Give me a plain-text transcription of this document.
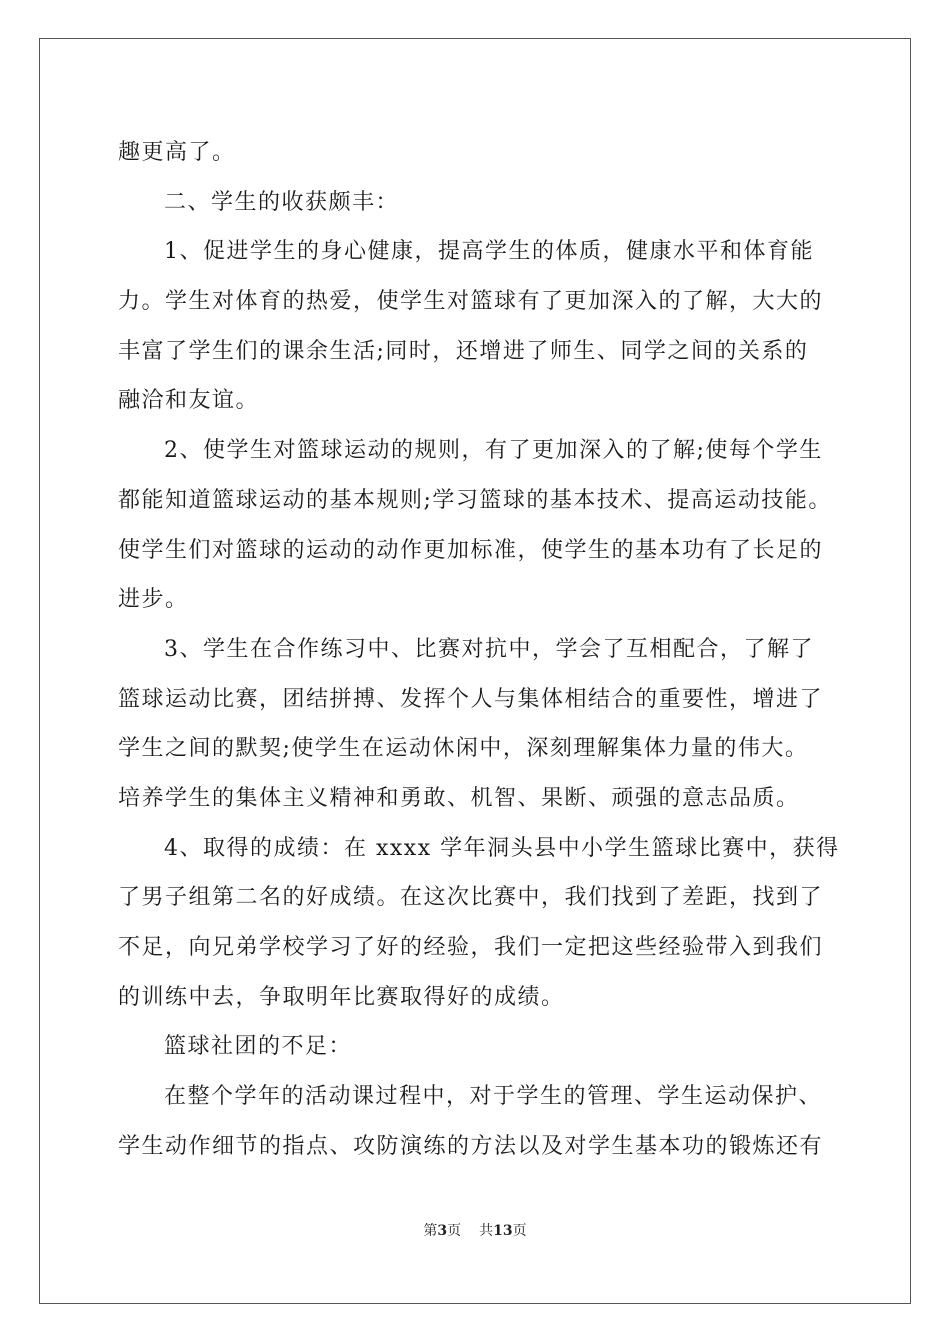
趣更高了。
二、学生的收获颇丰：
1、促进学生的身心健康，提高学生的体质，健康水平和体育能
力。学生对体育的热爱，使学生对篮球有了更加深入的了解，大大的
丰富了学生们的课余生活;同时，还增进了师生、同学之间的关系的
融洽和友谊。
2、使学生对篮球运动的规则，有了更加深入的了解;使每个学生
都能知道篮球运动的基本规则;学习篮球的基本技术、提高运动技能。
使学生们对篮球的运动的动作更加标准，使学生的基本功有了长足的
进步。
3、学生在合作练习中、比赛对抗中，学会了互相配合，了解了
篮球运动比赛，团结拼搏、发挥个人与集体相结合的重要性，增进了
学生之间的默契;使学生在运动休闲中，深刻理解集体力量的伟大。
培养学生的集体主义精神和勇敢、机智、果断、顽强的意志品质。
4、取得的成绩：在 xxxx 学年洞头县中小学生篮球比赛中，获得
了男子组第二名的好成绩。在这次比赛中，我们找到了差距，找到了
不足，向兄弟学校学习了好的经验，我们一定把这些经验带入到我们
的训练中去，争取明年比赛取得好的成绩。
篮球社团的不足：
在整个学年的活动课过程中，对于学生的管理、学生运动保护、
学生动作细节的指点、攻防演练的方法以及对学生基本功的锻炼还有
第3页 共13页
